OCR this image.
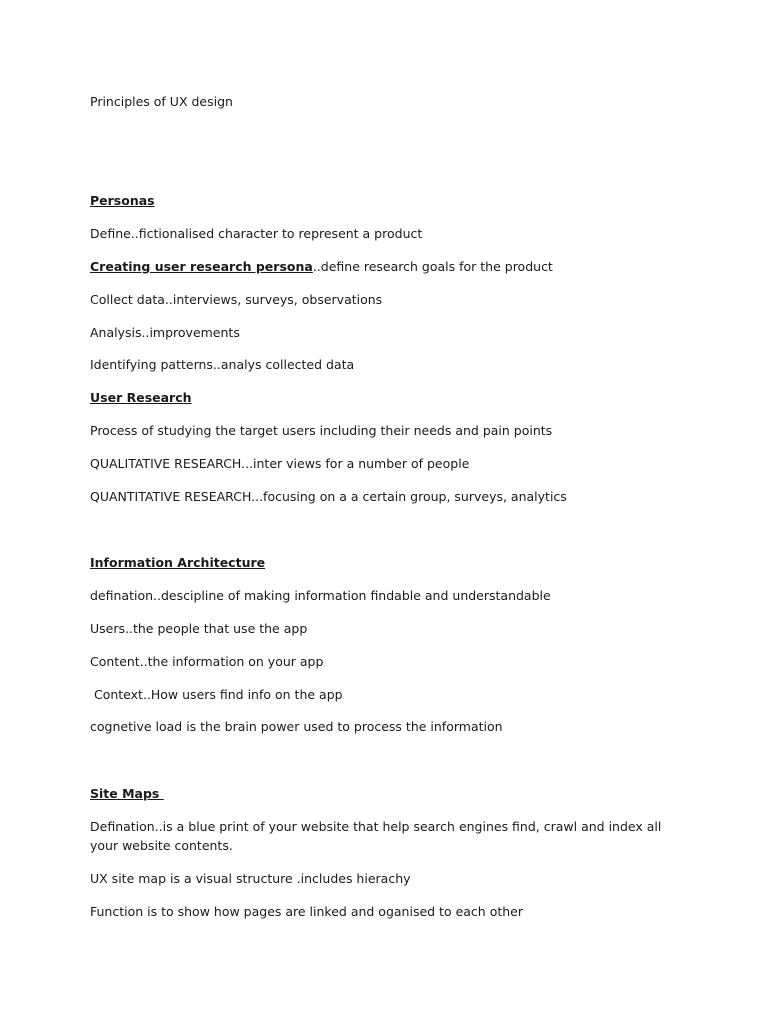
Principles of UX design
Personas
Define..fictionalised character to represent a product
Creating user research persona..define research goals for the product
Collect data..interviews, surveys, observations
Analysis..improvements
Identifying patterns..analys collected data
User Research
Process of studying the target users including their needs and pain points
QUALITATIVE RESEARCH...inter views for a number of people
QUANTITATIVE RESEARCH...focusing on a a certain group, surveys, analytics
Information Architecture
defination..descipline of making information findable and understandable
Users..the people that use the app
Content..the information on your app
Context..How users find info on the app
cognetive load is the brain power used to process the information
Site Maps
Defination..is a blue print of your website that help search engines find, crawl and index all your website contents.
UX site map is a visual structure .includes hierachy
Function is to show how pages are linked and oganised to each other
